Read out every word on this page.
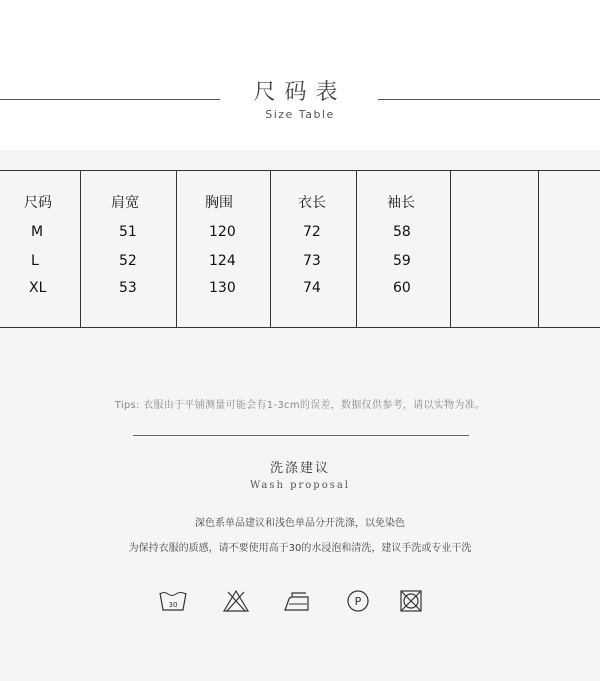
尺码表
Size Table
尺码	肩宽	胸围	衣长	袖长
M	51	120	72	58
L	52	124	73	59
XL	53	130	74	60
Tips: 衣服由于平铺测量可能会有1-3cm的误差，数据仅供参考，请以实物为准。
洗涤建议
Wash proposal
深色系单品建议和浅色单品分开洗涤，以免染色
为保持衣服的质感，请不要使用高于30的水浸泡和清洗，建议手洗或专业干洗
30	P
